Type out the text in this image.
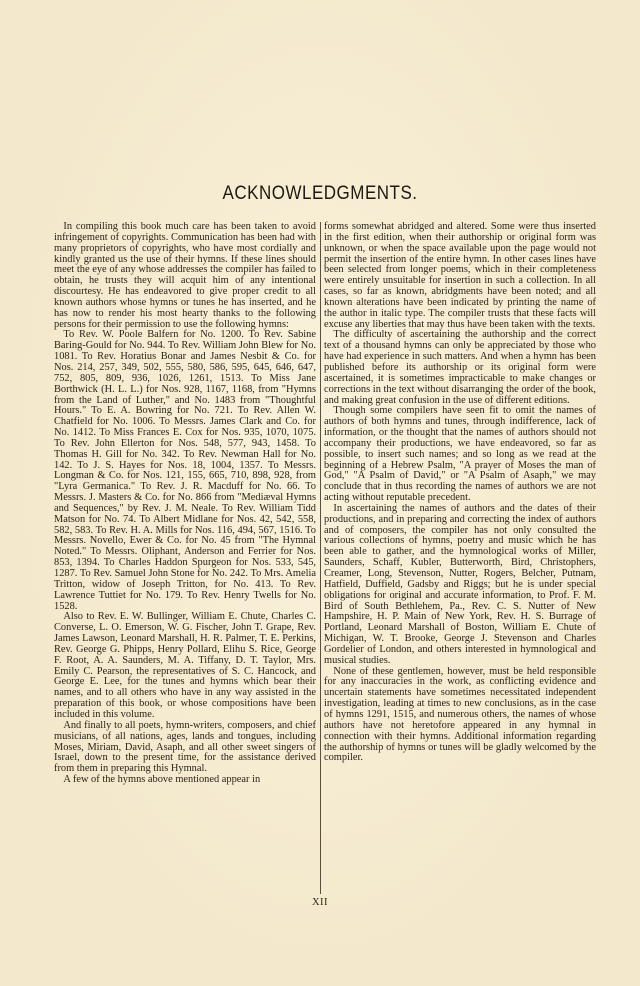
ACKNOWLEDGMENTS.

In compiling this book much care has been taken to avoid infringement of copyrights. Communication has been had with many proprietors of copyrights, who have most cordially and kindly granted us the use of their hymns. If these lines should meet the eye of any whose addresses the compiler has failed to obtain, he trusts they will acquit him of any intentional discourtesy. He has endeavored to give proper credit to all known authors whose hymns or tunes he has inserted, and he has now to render his most hearty thanks to the following persons for their permission to use the following hymns:

To Rev. W. Poole Balfern for No. 1200. To Rev. Sabine Baring-Gould for No. 944. To Rev. William John Blew for No. 1081. To Rev. Horatius Bonar and James Nesbit & Co. for Nos. 214, 257, 349, 502, 555, 580, 586, 595, 645, 646, 647, 752, 805, 809, 936, 1026, 1261, 1513. To Miss Jane Borthwick (H. L. L.) for Nos. 928, 1167, 1168, from "Hymns from the Land of Luther," and No. 1483 from "Thoughtful Hours." To E. A. Bowring for No. 721. To Rev. Allen W. Chatfield for No. 1006. To Messrs. James Clark and Co. for No. 1412. To Miss Frances E. Cox for Nos. 935, 1070, 1075. To Rev. John Ellerton for Nos. 548, 577, 943, 1458. To Thomas H. Gill for No. 342. To Rev. Newman Hall for No. 142. To J. S. Hayes for Nos. 18, 1004, 1357. To Messrs. Longman & Co. for Nos. 121, 155, 665, 710, 898, 928, from "Lyra Germanica." To Rev. J. R. Macduff for No. 66. To Messrs. J. Masters & Co. for No. 866 from "Mediæval Hymns and Sequences," by Rev. J. M. Neale. To Rev. William Tidd Matson for No. 74. To Albert Midlane for Nos. 42, 542, 558, 582, 583. To Rev. H. A. Mills for Nos. 116, 494, 567, 1516. To Messrs. Novello, Ewer & Co. for No. 45 from "The Hymnal Noted." To Messrs. Oliphant, Anderson and Ferrier for Nos. 853, 1394. To Charles Haddon Spurgeon for Nos. 533, 545, 1287. To Rev. Samuel John Stone for No. 242. To Mrs. Amelia Tritton, widow of Joseph Tritton, for No. 413. To Rev. Lawrence Tuttiet for No. 179. To Rev. Henry Twells for No. 1528.

Also to Rev. E. W. Bullinger, William E. Chute, Charles C. Converse, L. O. Emerson, W. G. Fischer, John T. Grape, Rev. James Lawson, Leonard Marshall, H. R. Palmer, T. E. Perkins, Rev. George G. Phipps, Henry Pollard, Elihu S. Rice, George F. Root, A. A. Saunders, M. A. Tiffany, D. T. Taylor, Mrs. Emily C. Pearson, the representatives of S. C. Hancock, and George E. Lee, for the tunes and hymns which bear their names, and to all others who have in any way assisted in the preparation of this book, or whose compositions have been included in this volume.

And finally to all poets, hymn-writers, composers, and chief musicians, of all nations, ages, lands and tongues, including Moses, Miriam, David, Asaph, and all other sweet singers of Israel, down to the present time, for the assistance derived from them in preparing this Hymnal.

A few of the hymns above mentioned appear in

forms somewhat abridged and altered. Some were thus inserted in the first edition, when their authorship or original form was unknown, or when the space available upon the page would not permit the insertion of the entire hymn. In other cases lines have been selected from longer poems, which in their completeness were entirely unsuitable for insertion in such a collection. In all cases, so far as known, abridgments have been noted; and all known alterations have been indicated by printing the name of the author in italic type. The compiler trusts that these facts will excuse any liberties that may thus have been taken with the texts.

The difficulty of ascertaining the authorship and the correct text of a thousand hymns can only be appreciated by those who have had experience in such matters. And when a hymn has been published before its authorship or its original form were ascertained, it is sometimes impracticable to make changes or corrections in the text without disarranging the order of the book, and making great confusion in the use of different editions.

Though some compilers have seen fit to omit the names of authors of both hymns and tunes, through indifference, lack of information, or the thought that the names of authors should not accompany their productions, we have endeavored, so far as possible, to insert such names; and so long as we read at the beginning of a Hebrew Psalm, "A prayer of Moses the man of God," "A Psalm of David," or "A Psalm of Asaph," we may conclude that in thus recording the names of authors we are not acting without reputable precedent.

In ascertaining the names of authors and the dates of their productions, and in preparing and correcting the index of authors and of composers, the compiler has not only consulted the various collections of hymns, poetry and music which he has been able to gather, and the hymnological works of Miller, Saunders, Schaff, Kubler, Butterworth, Bird, Christophers, Creamer, Long, Stevenson, Nutter, Rogers, Belcher, Putnam, Hatfield, Duffield, Gadsby and Riggs; but he is under special obligations for original and accurate information, to Prof. F. M. Bird of South Bethlehem, Pa., Rev. C. S. Nutter of New Hampshire, H. P. Main of New York, Rev. H. S. Burrage of Portland, Leonard Marshall of Boston, William E. Chute of Michigan, W. T. Brooke, George J. Stevenson and Charles Gordelier of London, and others interested in hymnological and musical studies.

None of these gentlemen, however, must be held responsible for any inaccuracies in the work, as conflicting evidence and uncertain statements have sometimes necessitated independent investigation, leading at times to new conclusions, as in the case of hymns 1291, 1515, and numerous others, the names of whose authors have not heretofore appeared in any hymnal in connection with their hymns. Additional information regarding the authorship of hymns or tunes will be gladly welcomed by the compiler.

XII
